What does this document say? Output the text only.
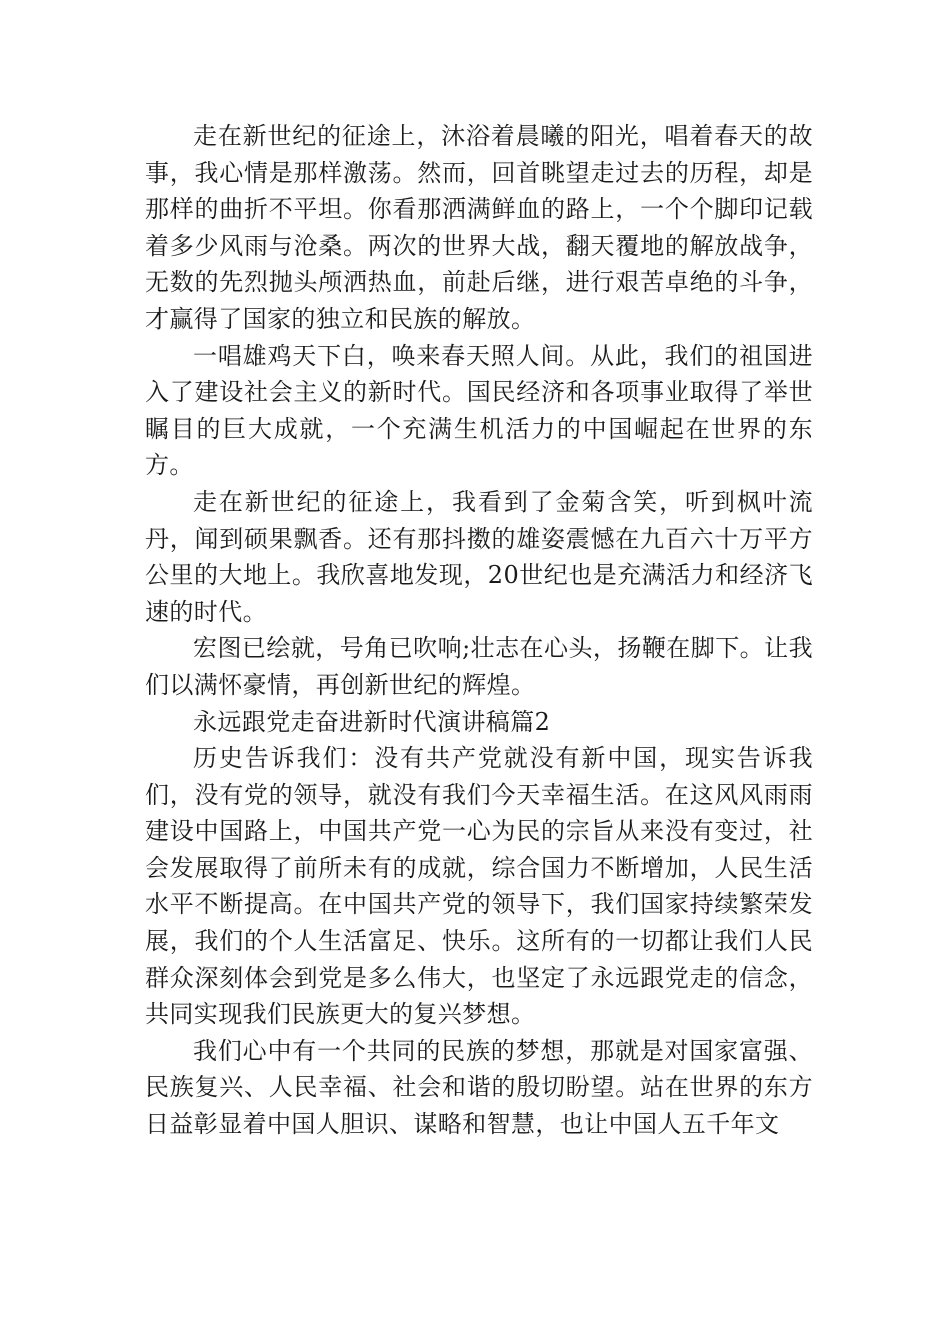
走在新世纪的征途上，沐浴着晨曦的阳光，唱着春天的故事，我心情是那样激荡。然而，回首眺望走过去的历程，却是那样的曲折不平坦。你看那洒满鲜血的路上，一个个脚印记载着多少风雨与沧桑。两次的世界大战，翻天覆地的解放战争，无数的先烈抛头颅洒热血，前赴后继，进行艰苦卓绝的斗争，才赢得了国家的独立和民族的解放。

一唱雄鸡天下白，唤来春天照人间。从此，我们的祖国进入了建设社会主义的新时代。国民经济和各项事业取得了举世瞩目的巨大成就，一个充满生机活力的中国崛起在世界的东方。

走在新世纪的征途上，我看到了金菊含笑，听到枫叶流丹，闻到硕果飘香。还有那抖擞的雄姿震憾在九百六十万平方公里的大地上。我欣喜地发现，20世纪也是充满活力和经济飞速的时代。

宏图已绘就，号角已吹响;壮志在心头，扬鞭在脚下。让我们以满怀豪情，再创新世纪的辉煌。

永远跟党走奋进新时代演讲稿篇2

历史告诉我们：没有共产党就没有新中国，现实告诉我们，没有党的领导，就没有我们今天幸福生活。在这风风雨雨建设中国路上，中国共产党一心为民的宗旨从来没有变过，社会发展取得了前所未有的成就，综合国力不断增加，人民生活水平不断提高。在中国共产党的领导下，我们国家持续繁荣发展，我们的个人生活富足、快乐。这所有的一切都让我们人民群众深刻体会到党是多么伟大，也坚定了永远跟党走的信念，共同实现我们民族更大的复兴梦想。

我们心中有一个共同的民族的梦想，那就是对国家富强、民族复兴、人民幸福、社会和谐的殷切盼望。站在世界的东方日益彰显着中国人胆识、谋略和智慧，也让中国人五千年文
